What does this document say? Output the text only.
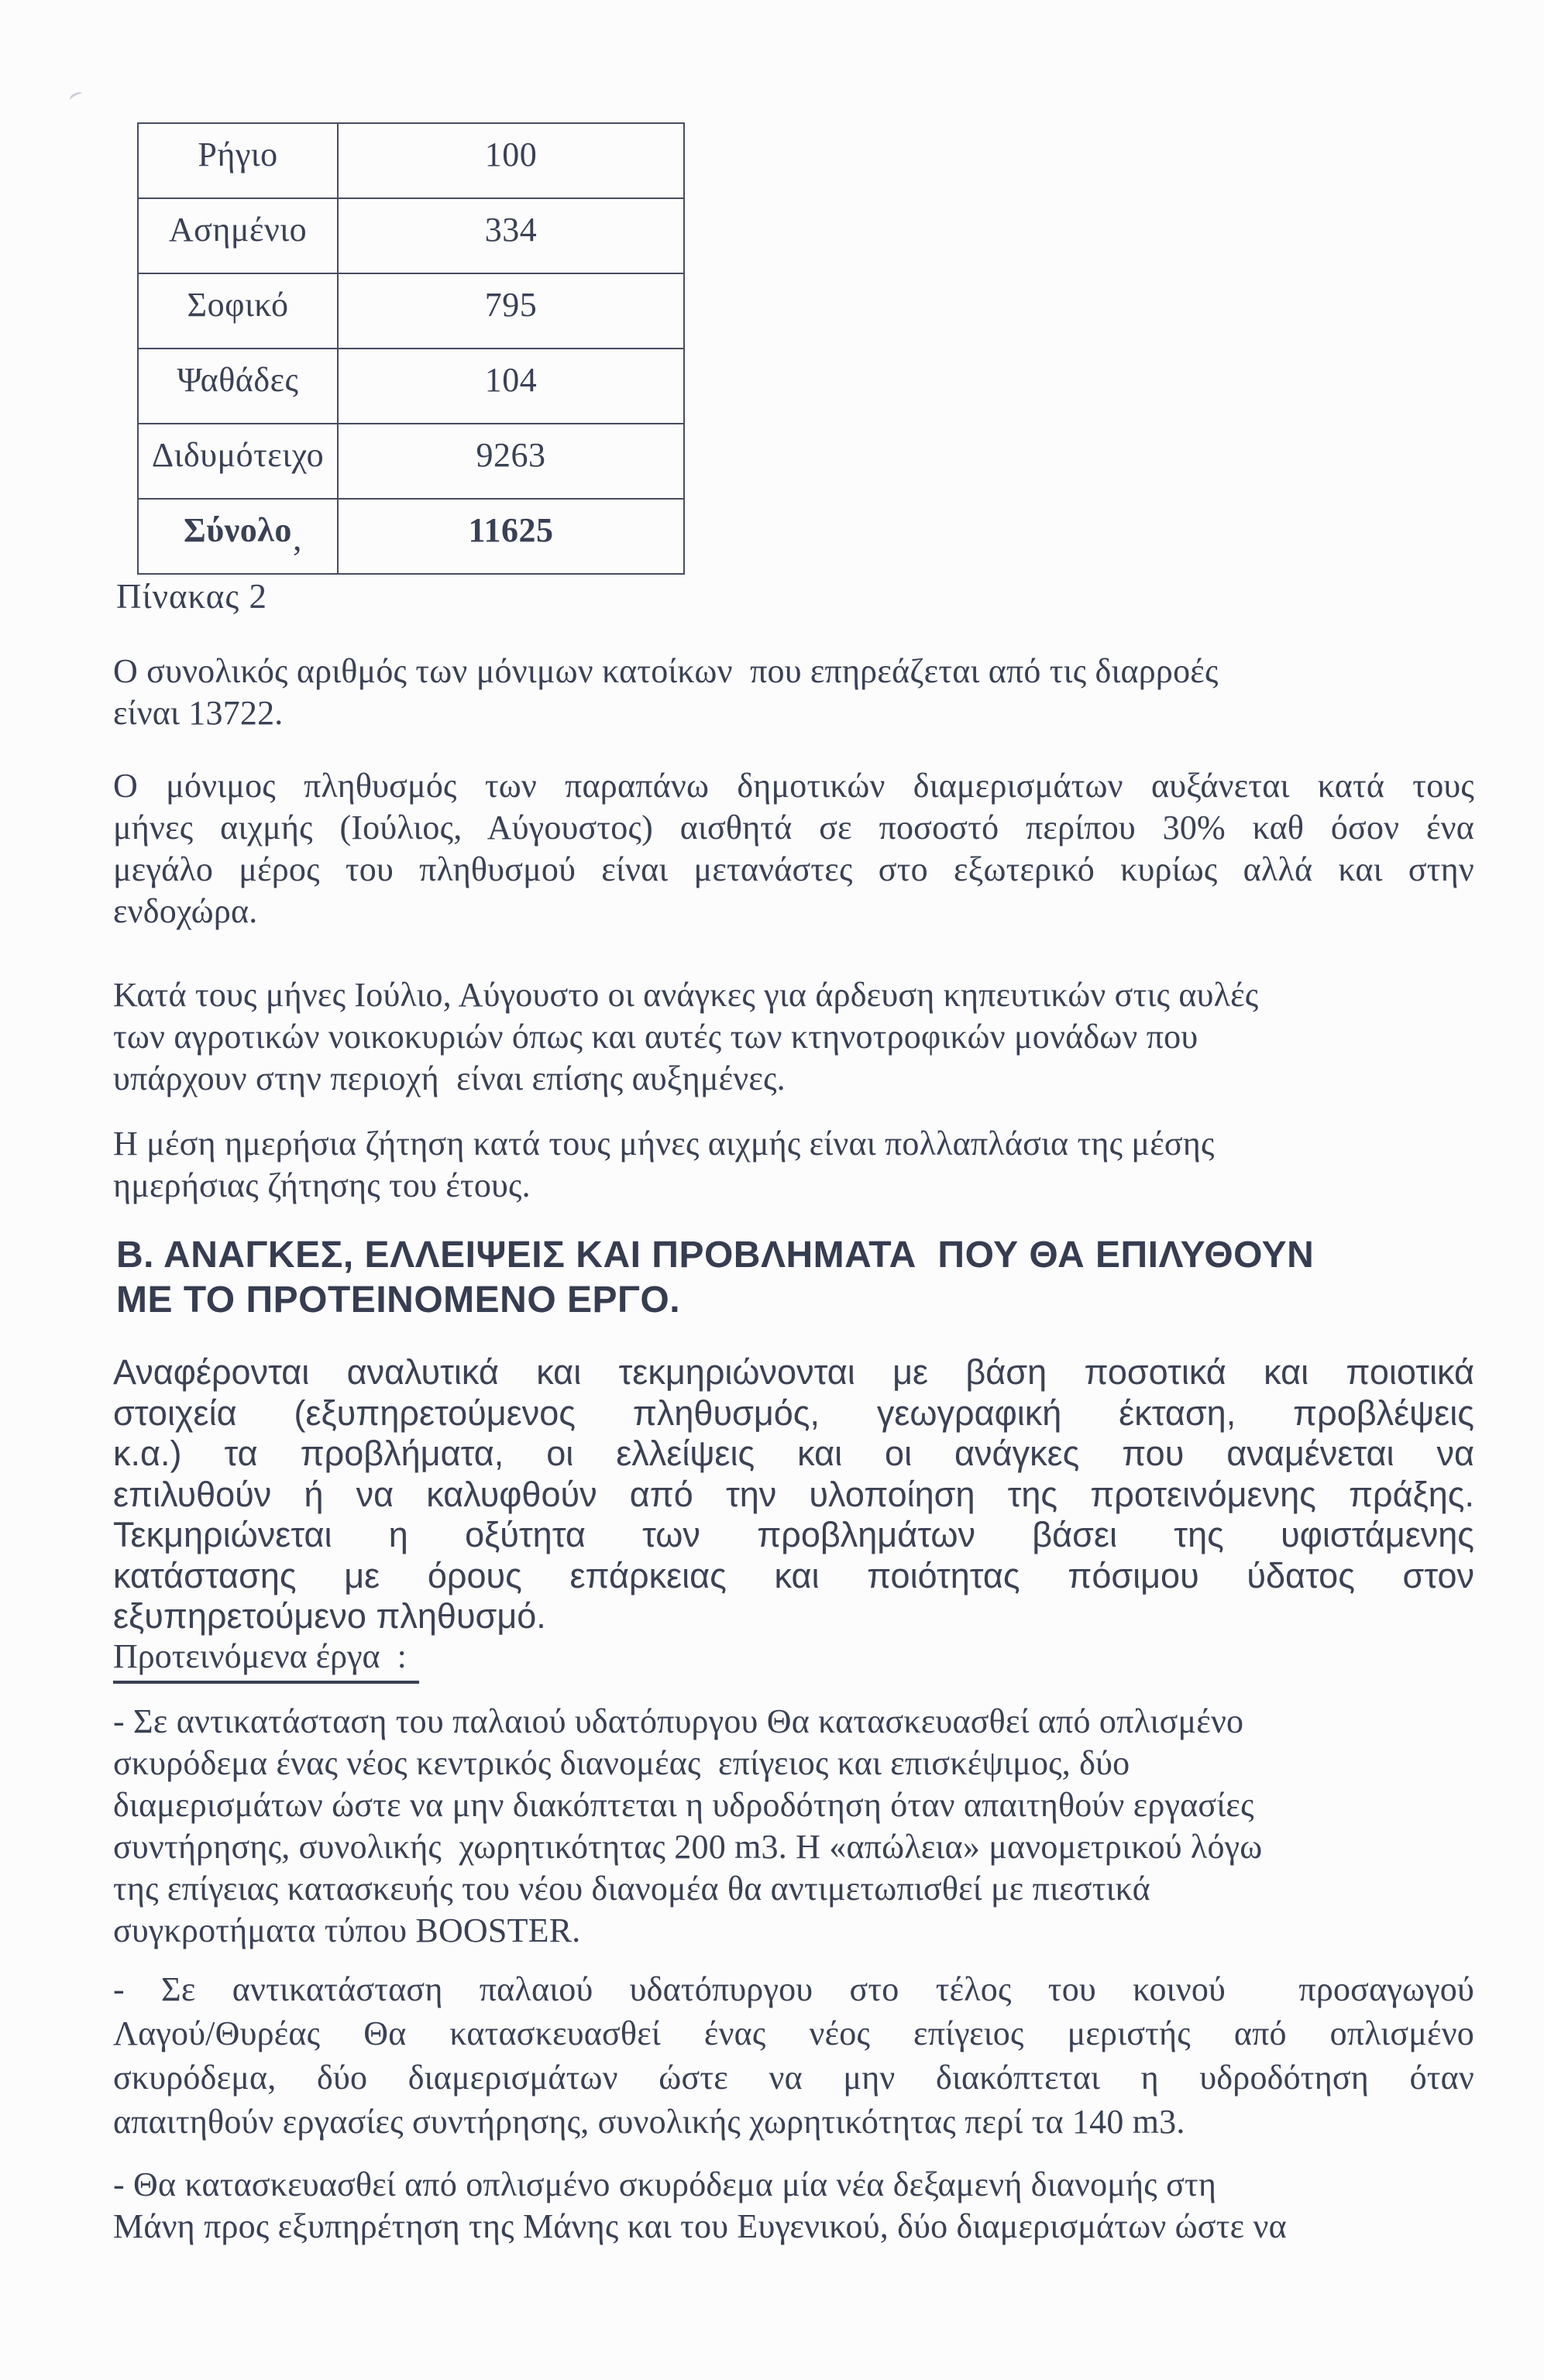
Ρήγιο	100
Ασημένιο	334
Σοφικό	795
Ψαθάδες	104
Διδυμότειχο	9263
Σύνολο	11625
,
Πίνακας 2
Ο συνολικός αριθμός των μόνιμων κατοίκων  που επηρεάζεται από τις διαρροές
είναι 13722.
Ο μόνιμος πληθυσμός των παραπάνω δημοτικών διαμερισμάτων αυξάνεται κατά τους
μήνες αιχμής (Ιούλιος, Αύγουστος) αισθητά σε ποσοστό περίπου 30% καθ όσον ένα
μεγάλο μέρος του πληθυσμού είναι μετανάστες στο εξωτερικό κυρίως αλλά και στην
ενδοχώρα.
Κατά τους μήνες Ιούλιο, Αύγουστο οι ανάγκες για άρδευση κηπευτικών στις αυλές
των αγροτικών νοικοκυριών όπως και αυτές των κτηνοτροφικών μονάδων που
υπάρχουν στην περιοχή  είναι επίσης αυξημένες.
Η μέση ημερήσια ζήτηση κατά τους μήνες αιχμής είναι πολλαπλάσια της μέσης
ημερήσιας ζήτησης του έτους.
Β. ΑΝΑΓΚΕΣ, ΕΛΛΕΙΨΕΙΣ ΚΑΙ ΠΡΟΒΛΗΜΑΤΑ  ΠΟΥ ΘΑ ΕΠΙΛΥΘΟΥΝ
ΜΕ ΤΟ ΠΡΟΤΕΙΝΟΜΕΝΟ ΕΡΓΟ.
Αναφέρονται αναλυτικά και τεκμηριώνονται με βάση ποσοτικά και ποιοτικά
στοιχεία (εξυπηρετούμενος πληθυσμός, γεωγραφική έκταση, προβλέψεις
κ.α.) τα προβλήματα, οι ελλείψεις και οι ανάγκες που αναμένεται να
επιλυθούν ή να καλυφθούν από την υλοποίηση της προτεινόμενης πράξης.
Τεκμηριώνεται η οξύτητα των προβλημάτων βάσει της υφιστάμενης
κατάστασης με όρους επάρκειας και ποιότητας πόσιμου ύδατος στον
εξυπηρετούμενο πληθυσμό.
Προτεινόμενα έργα  :
- Σε αντικατάσταση του παλαιού υδατόπυργου Θα κατασκευασθεί από οπλισμένο
σκυρόδεμα ένας νέος κεντρικός διανομέας  επίγειος και επισκέψιμος, δύο
διαμερισμάτων ώστε να μην διακόπτεται η υδροδότηση όταν απαιτηθούν εργασίες
συντήρησης, συνολικής  χωρητικότητας 200 m3. Η «απώλεια» μανομετρικού λόγω
της επίγειας κατασκευής του νέου διανομέα θα αντιμετωπισθεί με πιεστικά
συγκροτήματα τύπου BOOSTER.
- Σε αντικατάσταση παλαιού υδατόπυργου στο τέλος του κοινού  προσαγωγού
Λαγού/Θυρέας Θα κατασκευασθεί ένας νέος επίγειος μεριστής από οπλισμένο
σκυρόδεμα, δύο διαμερισμάτων ώστε να μην διακόπτεται η υδροδότηση όταν
απαιτηθούν εργασίες συντήρησης, συνολικής χωρητικότητας περί τα 140 m3.
- Θα κατασκευασθεί από οπλισμένο σκυρόδεμα μία νέα δεξαμενή διανομής στη
Μάνη προς εξυπηρέτηση της Μάνης και του Ευγενικού, δύο διαμερισμάτων ώστε να
